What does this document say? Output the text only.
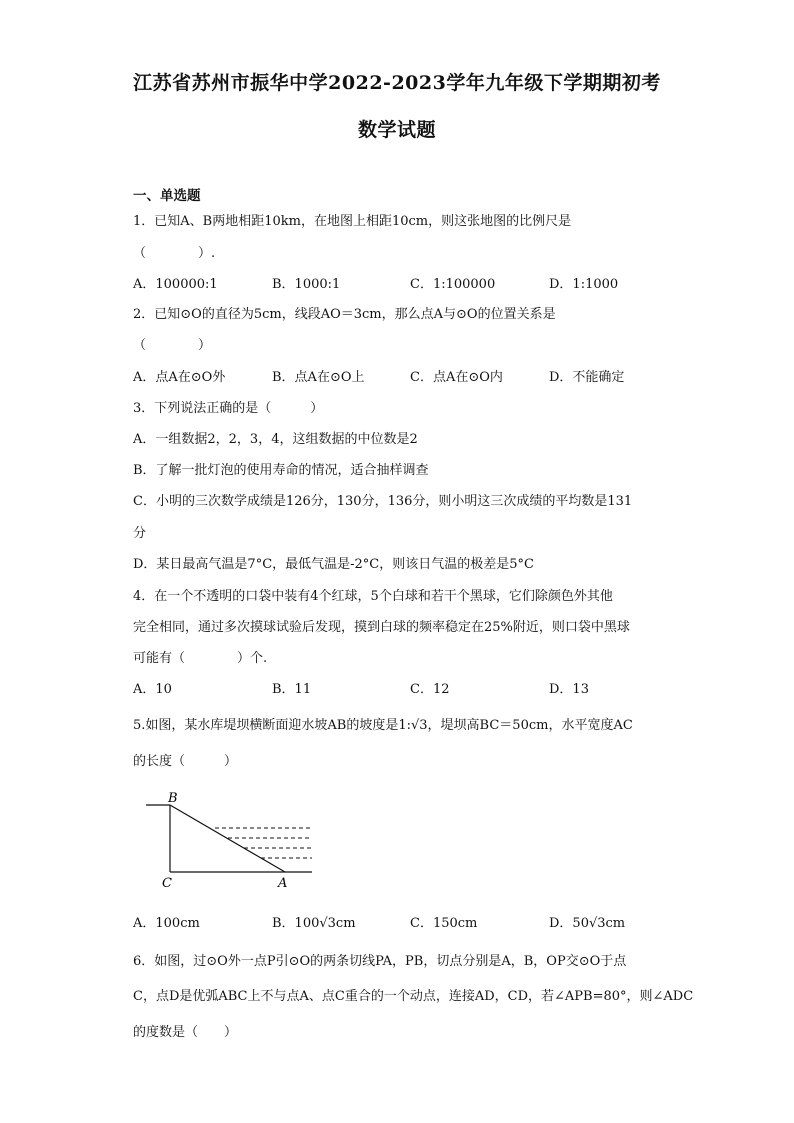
江苏省苏州市振华中学2022-2023学年九年级下学期期初考
数学试题
一、单选题
1．已知A、B两地相距10km，在地图上相距10cm，则这张地图的比例尺是
（　　　　）.
A．100000:1	B．1000:1	C．1:100000	D．1:1000
2．已知⊙O的直径为5cm，线段AO＝3cm，那么点A与⊙O的位置关系是
（　　　　）
A．点A在⊙O外	B．点A在⊙O上	C．点A在⊙O内	D．不能确定
3．下列说法正确的是（　　　）
A．一组数据2，2，3，4，这组数据的中位数是2
B．了解一批灯泡的使用寿命的情况，适合抽样调查
C．小明的三次数学成绩是126分，130分，136分，则小明这三次成绩的平均数是131
分
D．某日最高气温是7°C，最低气温是-2°C，则该日气温的极差是5°C
4．在一个不透明的口袋中装有4个红球，5个白球和若干个黑球，它们除颜色外其他
完全相同，通过多次摸球试验后发现，摸到白球的频率稳定在25%附近，则口袋中黑球
可能有（　　　　）个.
A．10	B．11	C．12	D．13
5.如图，某水库堤坝横断面迎水坡AB的坡度是1:√3，堤坝高BC＝50cm，水平宽度AC
的长度（　　　）
B
C	A
A．100cm	B．100√3cm	C．150cm	D．50√3cm
6．如图，过⊙O外一点P引⊙O的两条切线PA，PB，切点分别是A，B，OP交⊙O于点
C，点D是优弧ABC上不与点A、点C重合的一个动点，连接AD，CD，若∠APB=80°，则∠ADC
的度数是（　　）
